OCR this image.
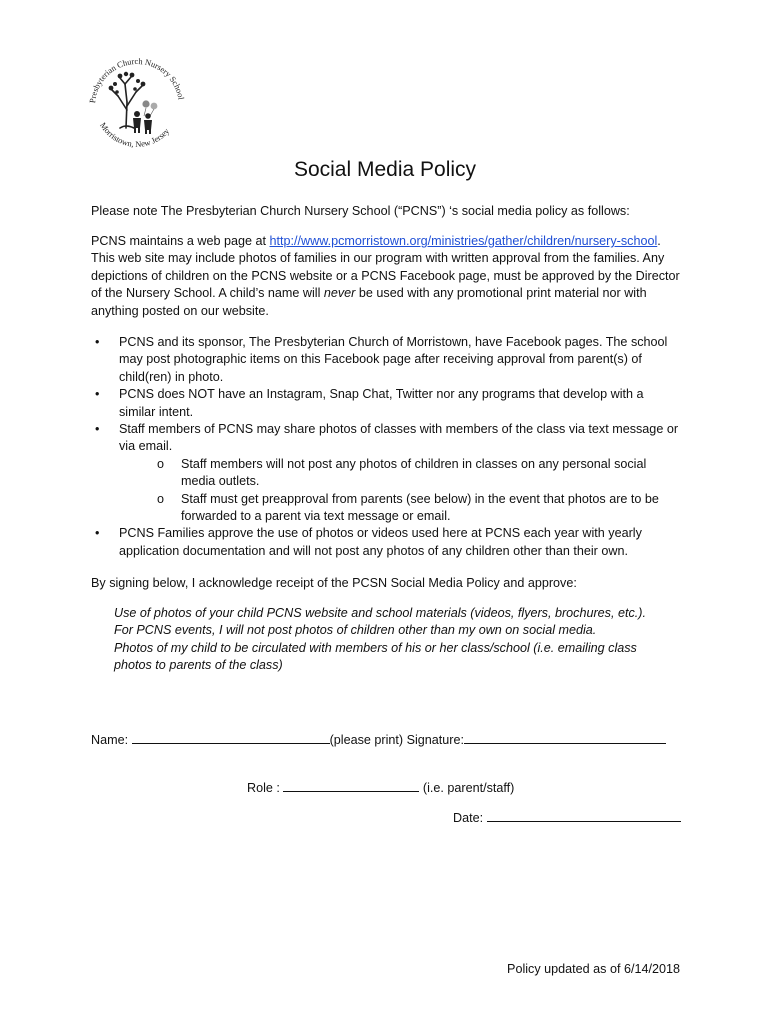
Presbyterian Church Nursery School
Morristown, New Jersey
Social Media Policy

Please note The Presbyterian Church Nursery School (“PCNS”) ‘s social media policy as follows:

PCNS maintains a web page at http://www.pcmorristown.org/ministries/gather/children/nursery-school. This web site may include photos of families in our program with written approval from the families. Any depictions of children on the PCNS website or a PCNS Facebook page, must be approved by the Director of the Nursery School. A child’s name will never be used with any promotional print material nor with anything posted on our website.

• PCNS and its sponsor, The Presbyterian Church of Morristown, have Facebook pages. The school may post photographic items on this Facebook page after receiving approval from parent(s) of child(ren) in photo.
• PCNS does NOT have an Instagram, Snap Chat, Twitter nor any programs that develop with a similar intent.
• Staff members of PCNS may share photos of classes with members of the class via text message or via email.
o Staff members will not post any photos of children in classes on any personal social media outlets.
o Staff must get preapproval from parents (see below) in the event that photos are to be forwarded to a parent via text message or email.
• PCNS Families approve the use of photos or videos used here at PCNS each year with yearly application documentation and will not post any photos of any children other than their own.

By signing below, I acknowledge receipt of the PCSN Social Media Policy and approve:

Use of photos of your child PCNS website and school materials (videos, flyers, brochures, etc.).
For PCNS events, I will not post photos of children other than my own on social media.
Photos of my child to be circulated with members of his or her class/school (i.e. emailing class
photos to parents of the class)
Name:	(please print) Signature:
Role :	(i.e. parent/staff)
Date:
Policy updated as of 6/14/2018
